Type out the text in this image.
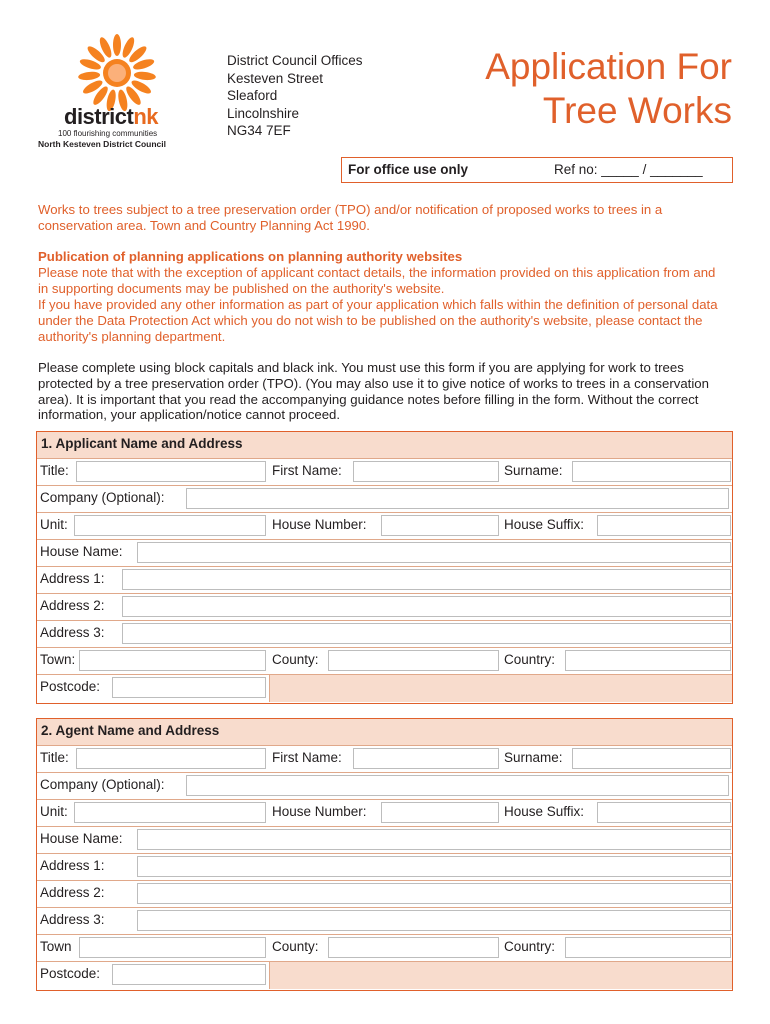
districtnk
100 flourishing communities
North Kesteven District Council
District Council Offices
Kesteven Street
Sleaford
Lincolnshire
NG34 7EF
Application For
Tree Works
For office use only	Ref no: _____ / _______
Works to trees subject to a tree preservation order (TPO) and/or notification of proposed works to trees in a conservation area. Town and Country Planning Act 1990.
Publication of planning applications on planning authority websites
Please note that with the exception of applicant contact details, the information provided on this application from and in supporting documents may be published on the authority's website.
If you have provided any other information as part of your application which falls within the definition of personal data under the Data Protection Act which you do not wish to be published on the authority's website, please contact the authority's planning department.
Please complete using block capitals and black ink. You must use this form if you are applying for work to trees protected by a tree preservation order (TPO). (You may also use it to give notice of works to trees in a conservation area). It is important that you read the accompanying guidance notes before filling in the form. Without the correct information, your application/notice cannot proceed.
1. Applicant Name and Address
Title:	First Name:	Surname:
Company (Optional):
Unit:	House Number:	House Suffix:
House Name:
Address 1:
Address 2:
Address 3:
Town:	County:	Country:
Postcode:
2. Agent Name and Address
Title:	First Name:	Surname:
Company (Optional):
Unit:	House Number:	House Suffix:
House Name:
Address 1:
Address 2:
Address 3:
Town	County:	Country:
Postcode:
